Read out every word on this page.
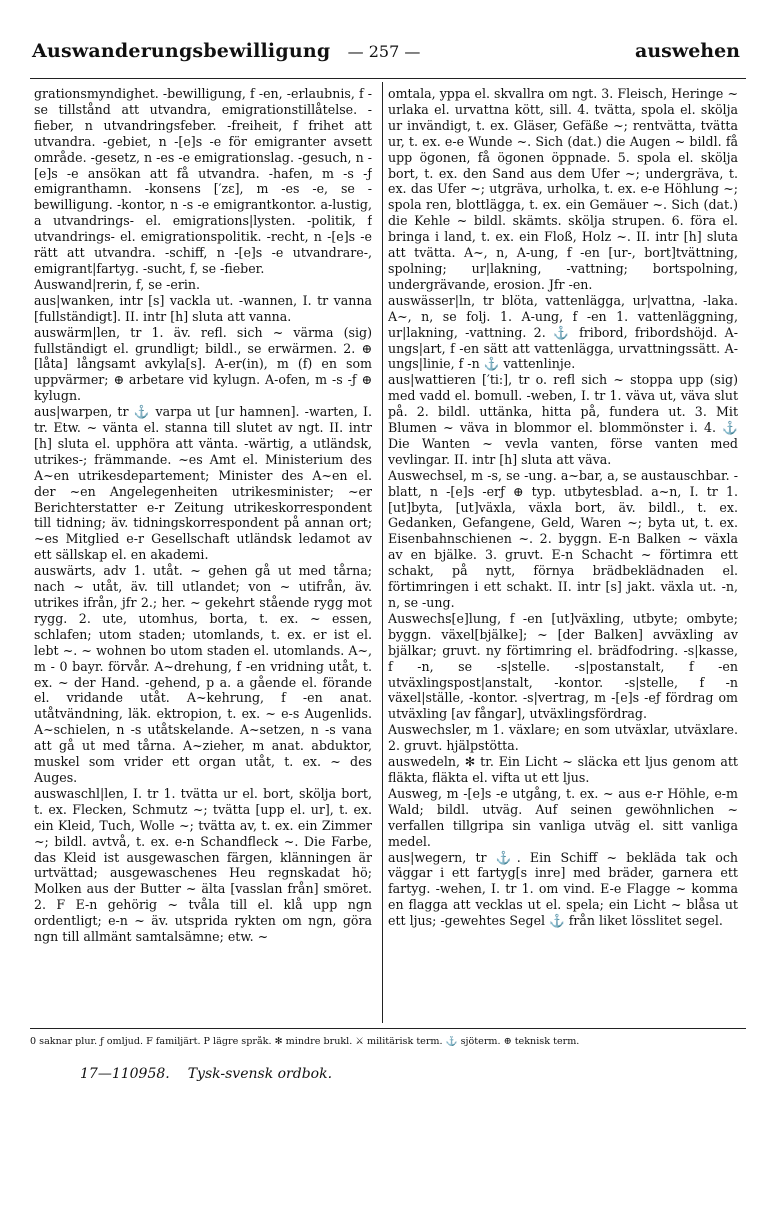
Auswanderungsbewilligung	— 257 —	auswehen

grationsmyndighet. -bewilligung, f -en, -erlaubnis, f -se tillstånd att utvandra, emigrationstillåtelse. -fieber, n utvandringsfeber. -freiheit, f frihet att utvandra. -gebiet, n -[e]s -e för emigranter avsett område. -gesetz, n -es -e emigrationslag. -gesuch, n -[e]s -e ansökan att få utvandra. -hafen, m -s -ƒ emigranthamn. -konsens [′zɛ], m -es -e, se -bewilligung. -kontor, n -s -e emigrantkontor. a-lustig, a utvandrings- el. emigrations|lysten. -politik, f utvandrings- el. emigrationspolitik. -recht, n -[e]s -e rätt att utvandra. -schiff, n -[e]s -e utvandrare-, emigrant|fartyg. -sucht, f, se -fieber.

Auswand|rerin, f, se -erin.

aus|wanken, intr [s] vackla ut. -wannen, I. tr vanna [fullständigt]. II. intr [h] sluta att vanna.

auswärm|len, tr 1. äv. refl. sich ~ värma (sig) fullständigt el. grundligt; bildl., se erwärmen. 2. ⊕ [låta] långsamt avkyla[s]. A-er(in), m (f) en som uppvärmer; ⊕ arbetare vid kylugn. A-ofen, m -s -ƒ ⊕ kylugn.

aus|warpen, tr ⚓ varpa ut [ur hamnen]. -warten, I. tr. Etw. ~ vänta el. stanna till slutet av ngt. II. intr [h] sluta el. upphöra att vänta. -wärtig, a utländsk, utrikes-; främmande. ~es Amt el. Ministerium des A~en utrikesdepartement; Minister des A~en el. der ~en Angelegenheiten utrikesminister; ~er Berichterstatter e-r Zeitung utrikeskorrespondent till tidning; äv. tidningskorrespondent på annan ort; ~es Mitglied e-r Gesellschaft utländsk ledamot av ett sällskap el. en akademi.

auswärts, adv 1. utåt. ~ gehen gå ut med tårna; nach ~ utåt, äv. till utlandet; von ~ utifrån, äv. utrikes ifrån, jfr 2.; her. ~ gekehrt stående rygg mot rygg. 2. ute, utomhus, borta, t. ex. ~ essen, schlafen; utom staden; utomlands, t. ex. er ist el. lebt ~. ~ wohnen bo utom staden el. utomlands. A~, m - 0 bayr. förvår. A~drehung, f -en vridning utåt, t. ex. ~ der Hand. -gehend, p a. a gående el. förande el. vridande utåt. A~kehrung, f -en anat. utåtvändning, läk. ektropion, t. ex. ~ e-s Augenlids. A~schielen, n -s utåtskelande. A~setzen, n -s vana att gå ut med tårna. A~zieher, m anat. abduktor, muskel som vrider ett organ utåt, t. ex. ~ des Auges.

auswaschl|len, I. tr 1. tvätta ur el. bort, skölja bort, t. ex. Flecken, Schmutz ~; tvätta [upp el. ur], t. ex. ein Kleid, Tuch, Wolle ~; tvätta av, t. ex. ein Zimmer ~; bildl. avtvå, t. ex. e-n Schandfleck ~. Die Farbe, das Kleid ist ausgewaschen färgen, klänningen är urtvättad; ausgewaschenes Heu regnskadat hö; Molken aus der Butter ~ älta [vasslan från] smöret. 2. F E-n gehörig ~ tvåla till el. klå upp ngn ordentligt; e-n ~ äv. utsprida rykten om ngn, göra ngn till allmänt samtalsämne; etw. ~

omtala, yppa el. skvallra om ngt. 3. Fleisch, Heringe ~ urlaka el. urvattna kött, sill. 4. tvätta, spola el. skölja ur invändigt, t. ex. Gläser, Gefäße ~; rentvätta, tvätta ur, t. ex. e-e Wunde ~. Sich (dat.) die Augen ~ bildl. få upp ögonen, få ögonen öppnade. 5. spola el. skölja bort, t. ex. den Sand aus dem Ufer ~; undergräva, t. ex. das Ufer ~; utgräva, urholka, t. ex. e-e Höhlung ~; spola ren, blottlägga, t. ex. ein Gemäuer ~. Sich (dat.) die Kehle ~ bildl. skämts. skölja strupen. 6. föra el. bringa i land, t. ex. ein Floß, Holz ~. II. intr [h] sluta att tvätta. A~, n, A-ung, f -en [ur-, bort]tvättning, spolning; ur|lakning, -vattning; bortspolning, undergrävande, erosion. Jfr -en.

auswässer|ln, tr blöta, vattenlägga, ur|vattna, -laka. A~, n, se folj. 1. A-ung, f -en 1. vattenläggning, ur|lakning, -vattning. 2. ⚓ fribord, fribordshöjd. A-ungs|art, f -en sätt att vattenlägga, urvattningssätt. A-ungs|linie, f -n ⚓ vattenlinje.

aus|wattieren [′ti:], tr o. refl sich ~ stoppa upp (sig) med vadd el. bomull. -weben, I. tr 1. väva ut, väva slut på. 2. bildl. uttänka, hitta på, fundera ut. 3. Mit Blumen ~ väva in blommor el. blommönster i. 4. ⚓ Die Wanten ~ vevla vanten, förse vanten med vevlingar. II. intr [h] sluta att väva.

Auswechsel, m -s, se -ung. a~bar, a, se austauschbar. -blatt, n -[e]s -erƒ ⊕ typ. utbytesblad. a~n, I. tr 1. [ut]byta, [ut]växla, växla bort, äv. bildl., t. ex. Gedanken, Gefangene, Geld, Waren ~; byta ut, t. ex. Eisenbahnschienen ~. 2. byggn. E-n Balken ~ växla av en bjälke. 3. gruvt. E-n Schacht ~ förtimra ett schakt, på nytt, förnya brädbeklädnaden el. förtimringen i ett schakt. II. intr [s] jakt. växla ut. -n, n, se -ung.

Auswechs[e]lung, f -en [ut]växling, utbyte; ombyte; byggn. växel[bjälke]; ~ [der Balken] avväxling av bjälkar; gruvt. ny förtimring el. brädfodring. -s|kasse, f -n, se -s|stelle. -s|postanstalt, f -en utväxlingspost|anstalt, -kontor. -s|stelle, f -n växel|ställe, -kontor. -s|vertrag, m -[e]s -eƒ fördrag om utväxling [av fångar], utväxlingsfördrag.

Auswechsler, m 1. växlare; en som utväxlar, utväxlare. 2. gruvt. hjälpstötta.

auswedeln, ✻ tr. Ein Licht ~ släcka ett ljus genom att fläkta, fläkta el. vifta ut ett ljus.

Ausweg, m -[e]s -e utgång, t. ex. ~ aus e-r Höhle, e-m Wald; bildl. utväg. Auf seinen gewöhnlichen ~ verfallen tillgripa sin vanliga utväg el. sitt vanliga medel.

aus|wegern, tr ⚓. Ein Schiff ~ bekläda tak och väggar i ett fartyg[s inre] med bräder, garnera ett fartyg. -wehen, I. tr 1. om vind. E-e Flagge ~ komma en flagga att vecklas ut el. spela; ein Licht ~ blåsa ut ett ljus; -gewehtes Segel ⚓ från liket lösslitet segel.

0 saknar plur. ƒ omljud. F familjärt. P lägre språk. ✻ mindre brukl. ⚔ militärisk term. ⚓ sjöterm. ⊕ teknisk term.
17—110958. Tysk-svensk ordbok.
